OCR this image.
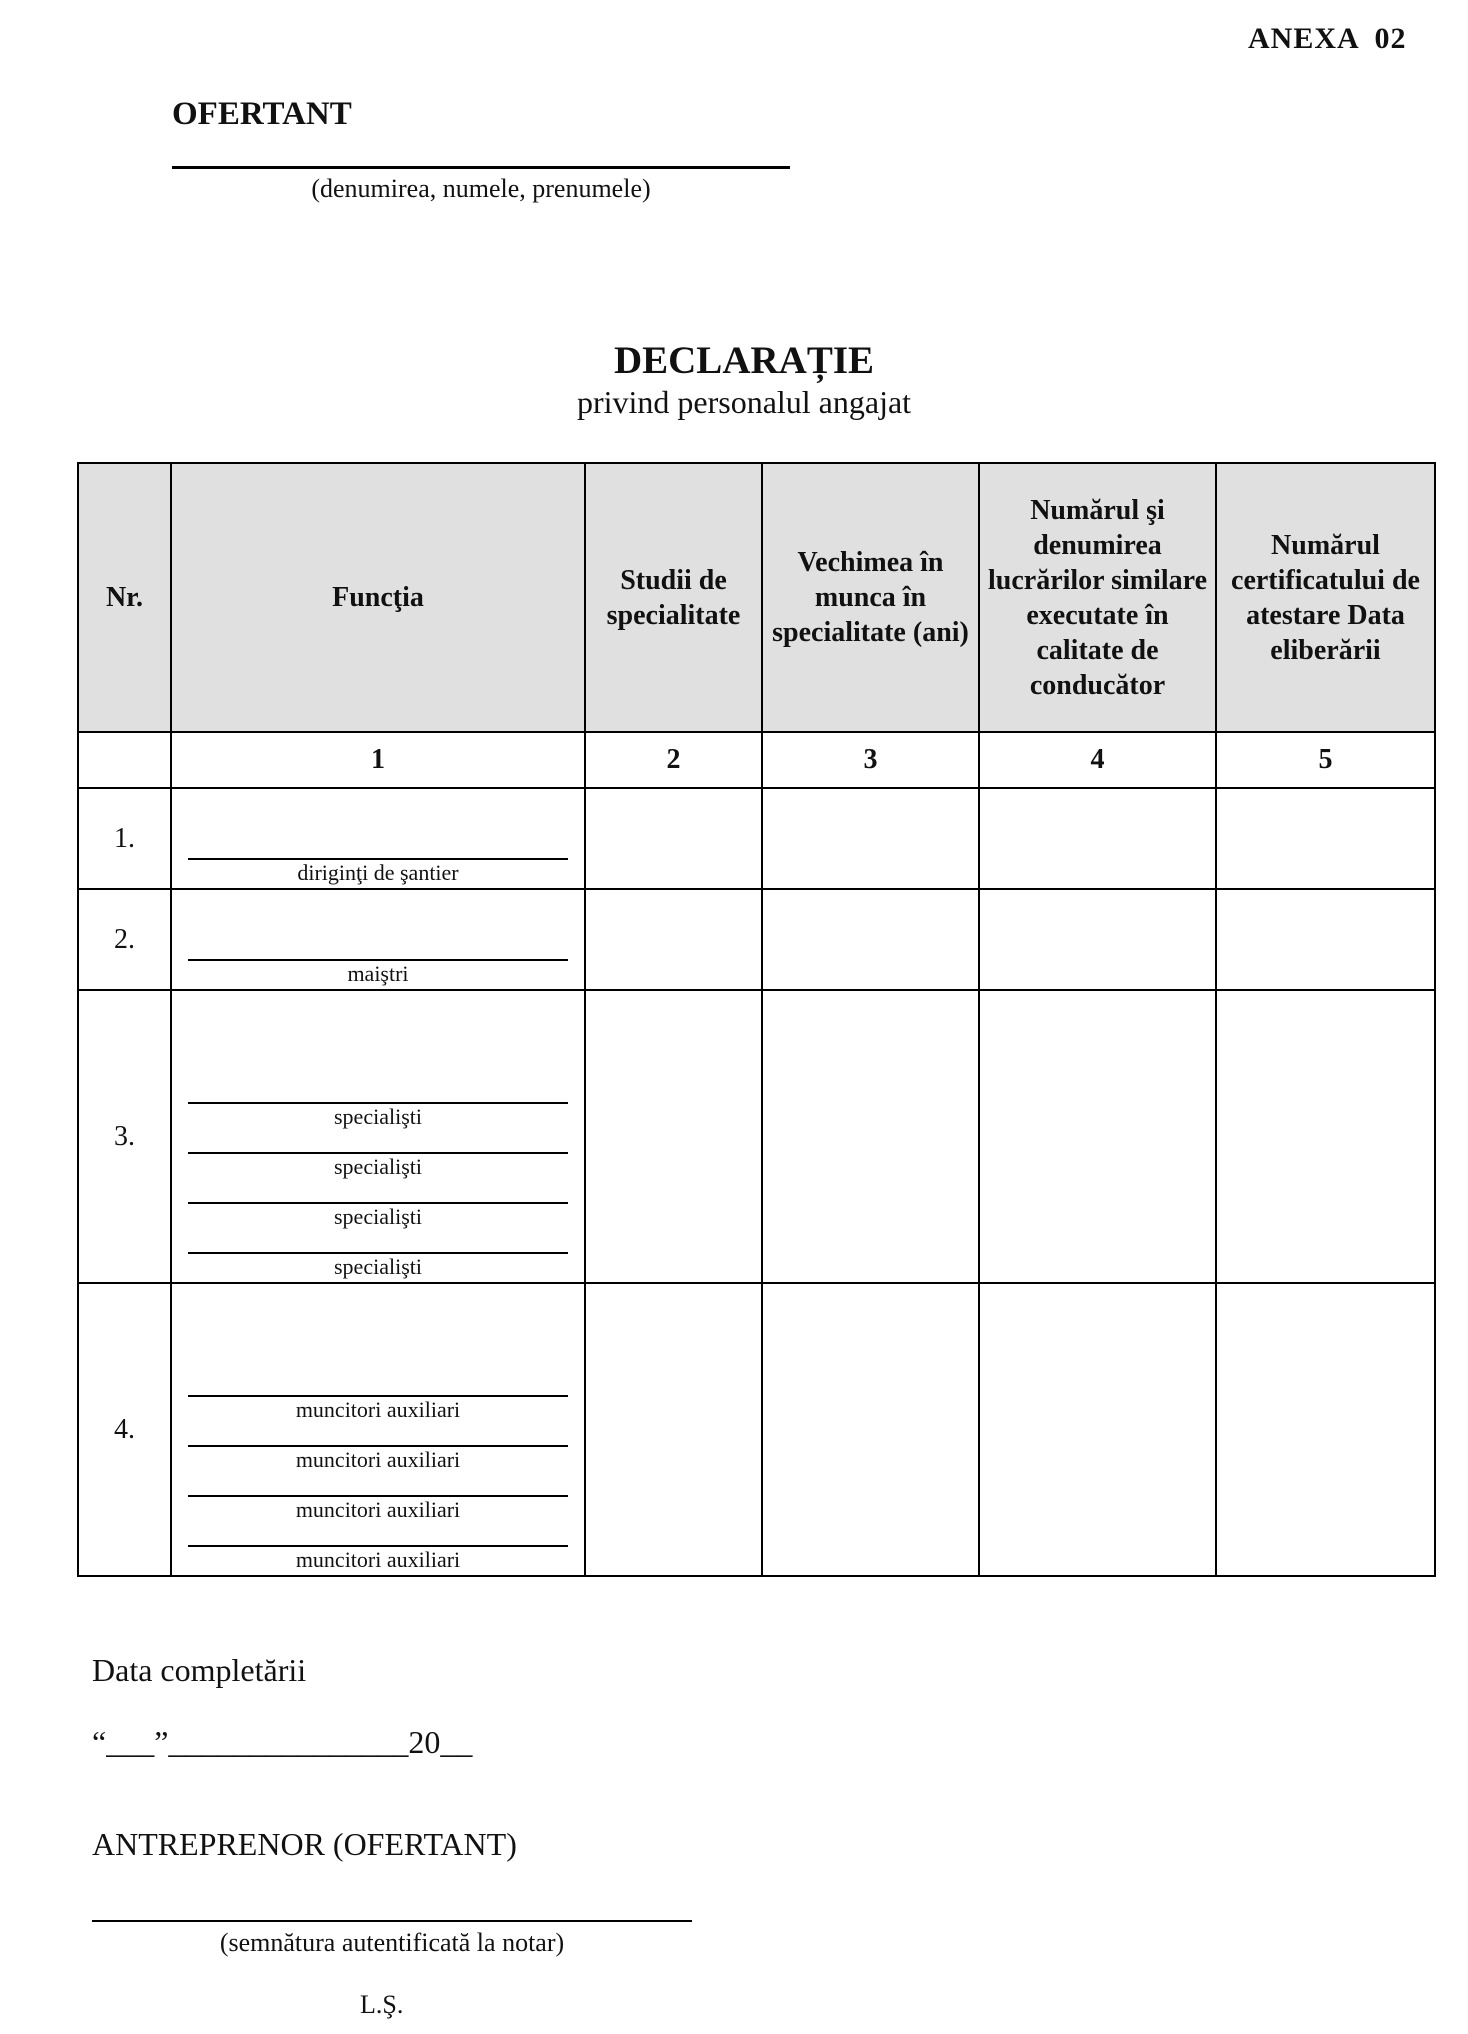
ANEXA 02
OFERTANT
(denumirea, numele, prenumele)
DECLARAȚIE
privind personalul angajat
Nr.	Funcţia	Studii de specialitate	Vechimea în munca în specialitate (ani)	Numărul şi denumirea lucrărilor similare executate în calitate de conducător	Numărul certificatului de atestare Data eliberării
	1	2	3	4	5
1.	diriginţi de şantier				

2.	maiştri				

3.	specialişti
specialişti
specialişti
specialişti				

4.	muncitori auxiliari
muncitori auxiliari
muncitori auxiliari
muncitori auxiliari				

Data completării
“___”_______________20__
ANTREPRENOR (OFERTANT)
(semnătura autentificată la notar)
L.Ş.
